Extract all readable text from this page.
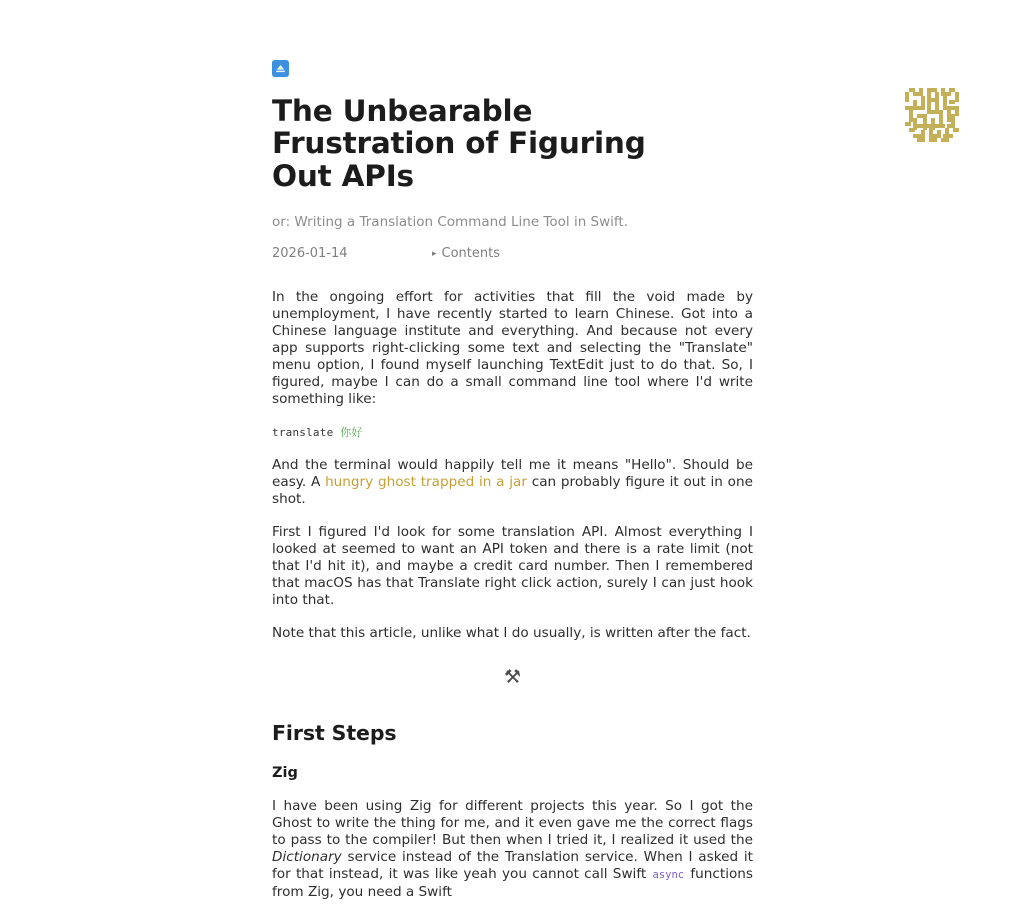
The Unbearable Frustration of Figuring Out APIs

or: Writing a Translation Command Line Tool in Swift.

2026-01-14	▸ Contents

In the ongoing effort for activities that fill the void made by unemployment, I have recently started to learn Chinese. Got into a Chinese language institute and everything. And because not every app supports right-clicking some text and selecting the "Translate" menu option, I found myself launching TextEdit just to do that. So, I figured, maybe I can do a small command line tool where I'd write something like:

translate 你好

And the terminal would happily tell me it means "Hello". Should be easy. A hungry ghost trapped in a jar can probably figure it out in one shot.

First I figured I'd look for some translation API. Almost everything I looked at seemed to want an API token and there is a rate limit (not that I'd hit it), and maybe a credit card number. Then I remembered that macOS has that Translate right click action, surely I can just hook into that.

Note that this article, unlike what I do usually, is written after the fact.

⚒
First Steps
Zig

I have been using Zig for different projects this year. So I got the Ghost to write the thing for me, and it even gave me the correct flags to pass to the compiler! But then when I tried it, I realized it used the Dictionary service instead of the Translation service. When I asked it for that instead, it was like yeah you cannot call Swift async functions from Zig, you need a Swift
